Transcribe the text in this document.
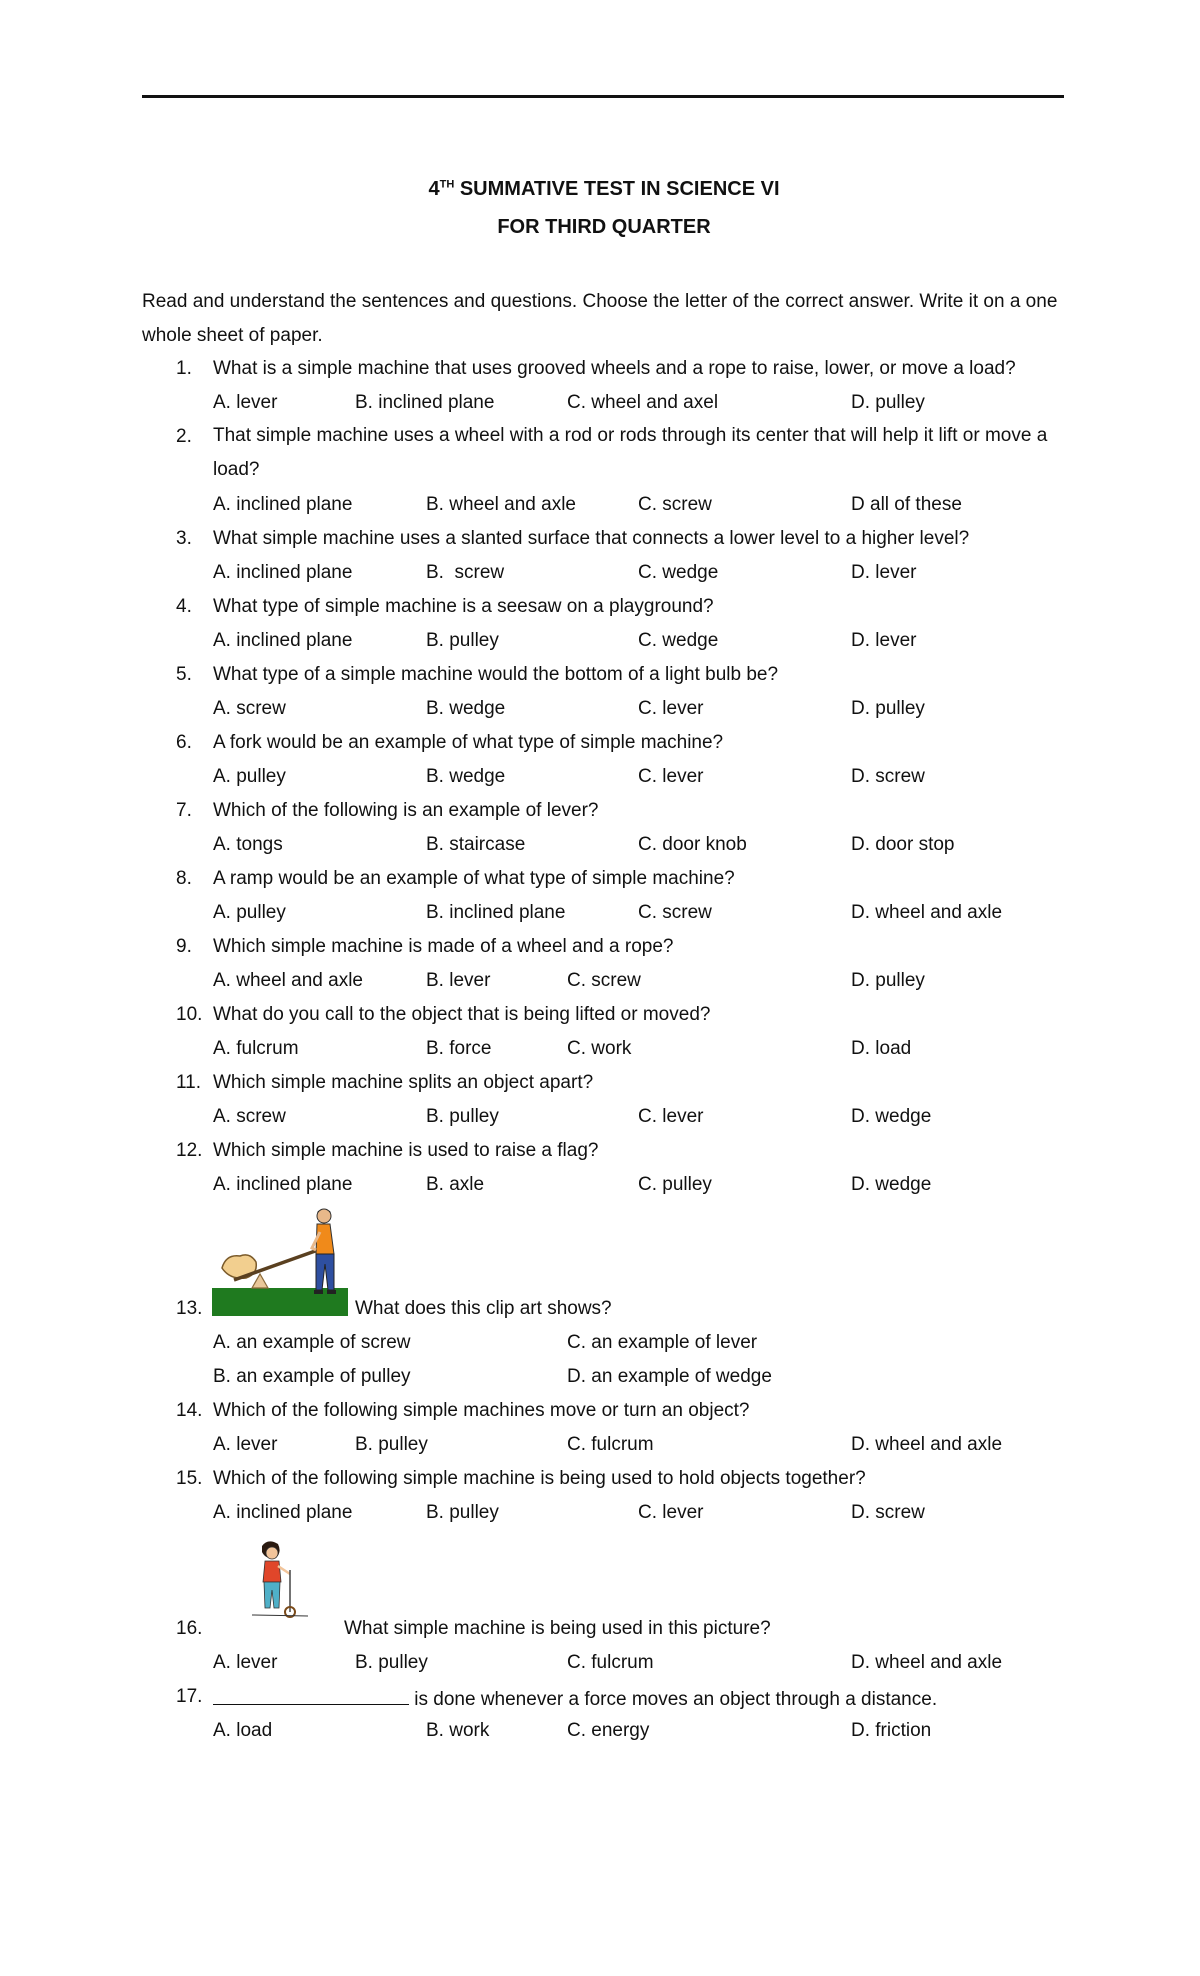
4TH SUMMATIVE TEST IN SCIENCE VI
FOR THIRD QUARTER
Read and understand the sentences and questions. Choose the letter of the correct answer. Write it on a one whole sheet of paper.
1. What is a simple machine that uses grooved wheels and a rope to raise, lower, or move a load?
A. lever	B. inclined plane	C. wheel and axel	D. pulley
2. That simple machine uses a wheel with a rod or rods through its center that will help it lift or move a load?
A. inclined plane	B. wheel and axle	C. screw	D all of these
3. What simple machine uses a slanted surface that connects a lower level to a higher level?
A. inclined plane	B.  screw	C. wedge	D. lever
4. What type of simple machine is a seesaw on a playground?
A. inclined plane	B. pulley	C. wedge	D. lever
5. What type of a simple machine would the bottom of a light bulb be?
A. screw	B. wedge	C. lever	D. pulley
6. A fork would be an example of what type of simple machine?
A. pulley	B. wedge	C. lever	D. screw
7. Which of the following is an example of lever?
A. tongs	B. staircase	C. door knob	D. door stop
8. A ramp would be an example of what type of simple machine?
A. pulley	B. inclined plane	C. screw	D. wheel and axle
9. Which simple machine is made of a wheel and a rope?
A. wheel and axle	B. lever	C. screw	D. pulley
10. What do you call to the object that is being lifted or moved?
A. fulcrum	B. force	C. work	D. load
11. Which simple machine splits an object apart?
A. screw	B. pulley	C. lever	D. wedge
12. Which simple machine is used to raise a flag?
A. inclined plane	B. axle	C. pulley	D. wedge
13.	What does this clip art shows?
A. an example of screw	C. an example of lever
B. an example of pulley	D. an example of wedge
14. Which of the following simple machines move or turn an object?
A. lever	B. pulley	C. fulcrum	D. wheel and axle
15. Which of the following simple machine is being used to hold objects together?
A. inclined plane	B. pulley	C. lever	D. screw
16.	What simple machine is being used in this picture?
A. lever	B. pulley	C. fulcrum	D. wheel and axle
17.	is done whenever a force moves an object through a distance.
A. load	B. work	C. energy	D. friction
